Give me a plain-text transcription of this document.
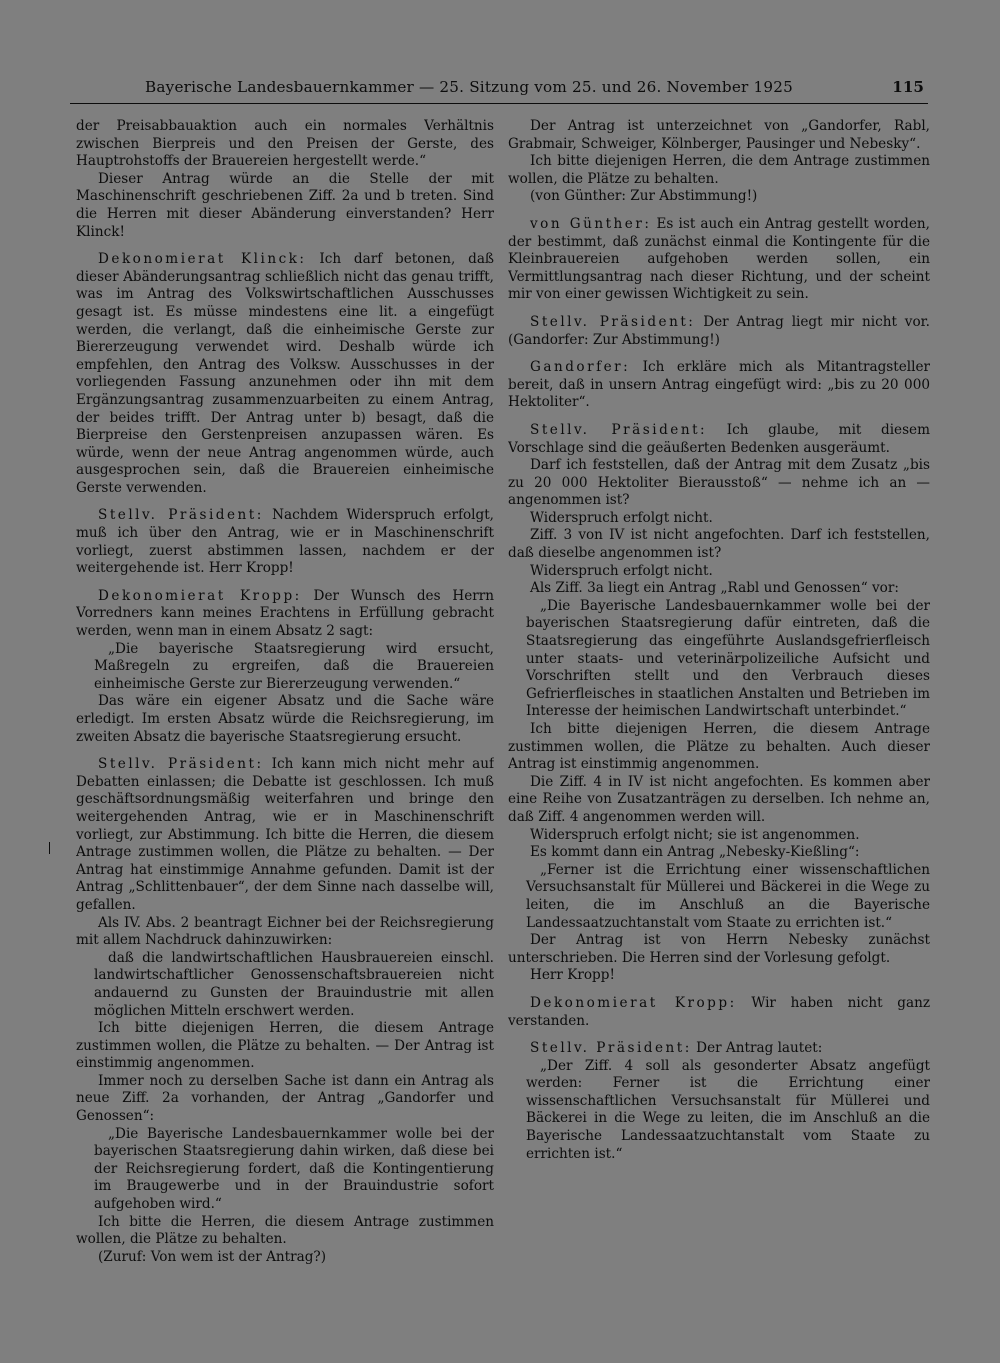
Bayerische Landesbauernkammer — 25. Sitzung vom 25. und 26. November 1925	115

der Preisabbauaktion auch ein normales Verhältnis zwischen Bierpreis und den Preisen der Gerste, des Hauptrohstoffs der Brauereien hergestellt werde.“

Dieser Antrag würde an die Stelle der mit Maschinenschrift geschriebenen Ziff. 2a und b treten. Sind die Herren mit dieser Abänderung einverstanden? Herr Klinck!

Dekonomierat Klinck: Ich darf betonen, daß dieser Abänderungsantrag schließlich nicht das genau trifft, was im Antrag des Volkswirtschaftlichen Ausschusses gesagt ist. Es müsse mindestens eine lit. a eingefügt werden, die verlangt, daß die einheimische Gerste zur Biererzeugung verwendet wird. Deshalb würde ich empfehlen, den Antrag des Volksw. Ausschusses in der vorliegenden Fassung anzunehmen oder ihn mit dem Ergänzungsantrag zusammenzuarbeiten zu einem Antrag, der beides trifft. Der Antrag unter b) besagt, daß die Bierpreise den Gerstenpreisen anzupassen wären. Es würde, wenn der neue Antrag angenommen würde, auch ausgesprochen sein, daß die Brauereien einheimische Gerste verwenden.

Stellv. Präsident: Nachdem Widerspruch erfolgt, muß ich über den Antrag, wie er in Maschinenschrift vorliegt, zuerst abstimmen lassen, nachdem er der weitergehende ist. Herr Kropp!

Dekonomierat Kropp: Der Wunsch des Herrn Vorredners kann meines Erachtens in Erfüllung gebracht werden, wenn man in einem Absatz 2 sagt:

„Die bayerische Staatsregierung wird ersucht, Maßregeln zu ergreifen, daß die Brauereien einheimische Gerste zur Biererzeugung verwenden.“

Das wäre ein eigener Absatz und die Sache wäre erledigt. Im ersten Absatz würde die Reichsregierung, im zweiten Absatz die bayerische Staatsregierung ersucht.

Stellv. Präsident: Ich kann mich nicht mehr auf Debatten einlassen; die Debatte ist geschlossen. Ich muß geschäftsordnungsmäßig weiterfahren und bringe den weitergehenden Antrag, wie er in Maschinenschrift vorliegt, zur Abstimmung. Ich bitte die Herren, die diesem Antrage zustimmen wollen, die Plätze zu behalten. — Der Antrag hat einstimmige Annahme gefunden. Damit ist der Antrag „Schlittenbauer“, der dem Sinne nach dasselbe will, gefallen.

Als IV. Abs. 2 beantragt Eichner bei der Reichsregierung mit allem Nachdruck dahinzuwirken:

daß die landwirtschaftlichen Hausbrauereien einschl. landwirtschaftlicher Genossenschaftsbrauereien nicht andauernd zu Gunsten der Brauindustrie mit allen möglichen Mitteln erschwert werden.

Ich bitte diejenigen Herren, die diesem Antrage zustimmen wollen, die Plätze zu behalten. — Der Antrag ist einstimmig angenommen.

Immer noch zu derselben Sache ist dann ein Antrag als neue Ziff. 2a vorhanden, der Antrag „Gandorfer und Genossen“:

„Die Bayerische Landesbauernkammer wolle bei der bayerischen Staatsregierung dahin wirken, daß diese bei der Reichsregierung fordert, daß die Kontingentierung im Braugewerbe und in der Brauindustrie sofort aufgehoben wird.“

Ich bitte die Herren, die diesem Antrage zustimmen wollen, die Plätze zu behalten.

(Zuruf: Von wem ist der Antrag?)

Der Antrag ist unterzeichnet von „Gandorfer, Rabl, Grabmair, Schweiger, Kölnberger, Pausinger und Nebesky“.

Ich bitte diejenigen Herren, die dem Antrage zustimmen wollen, die Plätze zu behalten.

(von Günther: Zur Abstimmung!)

von Günther: Es ist auch ein Antrag gestellt worden, der bestimmt, daß zunächst einmal die Kontingente für die Kleinbrauereien aufgehoben werden sollen, ein Vermittlungsantrag nach dieser Richtung, und der scheint mir von einer gewissen Wichtigkeit zu sein.

Stellv. Präsident: Der Antrag liegt mir nicht vor. (Gandorfer: Zur Abstimmung!)

Gandorfer: Ich erkläre mich als Mitantragsteller bereit, daß in unsern Antrag eingefügt wird: „bis zu 20 000 Hektoliter“.

Stellv. Präsident: Ich glaube, mit diesem Vorschlage sind die geäußerten Bedenken ausgeräumt.

Darf ich feststellen, daß der Antrag mit dem Zusatz „bis zu 20 000 Hektoliter Bierausstoß“ — nehme ich an — angenommen ist?

Widerspruch erfolgt nicht.

Ziff. 3 von IV ist nicht angefochten. Darf ich feststellen, daß dieselbe angenommen ist?

Widerspruch erfolgt nicht.

Als Ziff. 3a liegt ein Antrag „Rabl und Genossen“ vor:

„Die Bayerische Landesbauernkammer wolle bei der bayerischen Staatsregierung dafür eintreten, daß die Staatsregierung das eingeführte Auslandsgefrierfleisch unter staats- und veterinärpolizeiliche Aufsicht und Vorschriften stellt und den Verbrauch dieses Gefrierfleisches in staatlichen Anstalten und Betrieben im Interesse der heimischen Landwirtschaft unterbindet.“

Ich bitte diejenigen Herren, die diesem Antrage zustimmen wollen, die Plätze zu behalten. Auch dieser Antrag ist einstimmig angenommen.

Die Ziff. 4 in IV ist nicht angefochten. Es kommen aber eine Reihe von Zusatzanträgen zu derselben. Ich nehme an, daß Ziff. 4 angenommen werden will.

Widerspruch erfolgt nicht; sie ist angenommen.

Es kommt dann ein Antrag „Nebesky-Kießling“:

„Ferner ist die Errichtung einer wissenschaftlichen Versuchsanstalt für Müllerei und Bäckerei in die Wege zu leiten, die im Anschluß an die Bayerische Landessaatzuchtanstalt vom Staate zu errichten ist.“

Der Antrag ist von Herrn Nebesky zunächst unterschrieben. Die Herren sind der Vorlesung gefolgt.

Herr Kropp!

Dekonomierat Kropp: Wir haben nicht ganz verstanden.

Stellv. Präsident: Der Antrag lautet:

„Der Ziff. 4 soll als gesonderter Absatz angefügt werden: Ferner ist die Errichtung einer wissenschaftlichen Versuchsanstalt für Müllerei und Bäckerei in die Wege zu leiten, die im Anschluß an die Bayerische Landessaatzuchtanstalt vom Staate zu errichten ist.“
